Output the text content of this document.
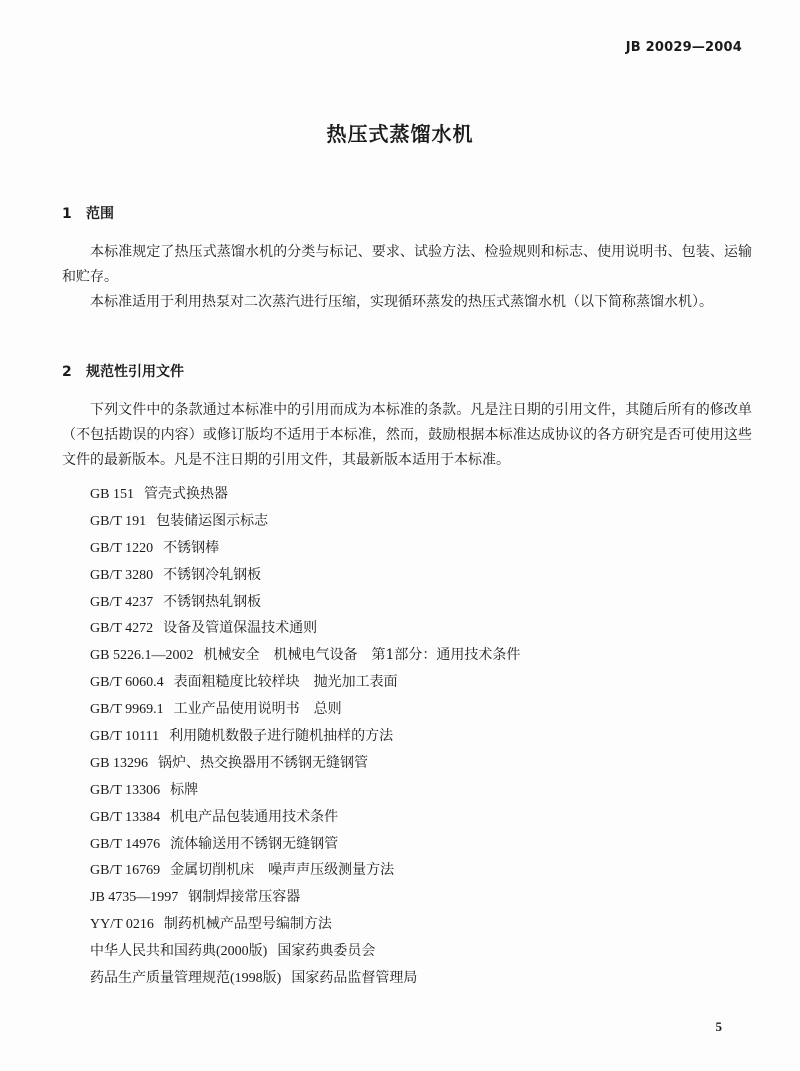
JB 20029—2004
热压式蒸馏水机
1 范围
本标准规定了热压式蒸馏水机的分类与标记、要求、试验方法、检验规则和标志、使用说明书、包装、运输和贮存。
本标准适用于利用热泵对二次蒸汽进行压缩，实现循环蒸发的热压式蒸馏水机（以下简称蒸馏水机）。
2 规范性引用文件
下列文件中的条款通过本标准中的引用而成为本标准的条款。凡是注日期的引用文件，其随后所有的修改单（不包括勘误的内容）或修订版均不适用于本标准，然而，鼓励根据本标准达成协议的各方研究是否可使用这些文件的最新版本。凡是不注日期的引用文件，其最新版本适用于本标准。
GB 151 管壳式换热器
GB/T 191 包装储运图示标志
GB/T 1220 不锈钢棒
GB/T 3280 不锈钢冷轧钢板
GB/T 4237 不锈钢热轧钢板
GB/T 4272 设备及管道保温技术通则
GB 5226.1—2002 机械安全　机械电气设备　第1部分：通用技术条件
GB/T 6060.4 表面粗糙度比较样块　抛光加工表面
GB/T 9969.1 工业产品使用说明书　总则
GB/T 10111 利用随机数骰子进行随机抽样的方法
GB 13296 锅炉、热交换器用不锈钢无缝钢管
GB/T 13306 标牌
GB/T 13384 机电产品包装通用技术条件
GB/T 14976 流体输送用不锈钢无缝钢管
GB/T 16769 金属切削机床　噪声声压级测量方法
JB 4735—1997 钢制焊接常压容器
YY/T 0216 制药机械产品型号编制方法
中华人民共和国药典(2000版) 国家药典委员会
药品生产质量管理规范(1998版) 国家药品监督管理局
5
